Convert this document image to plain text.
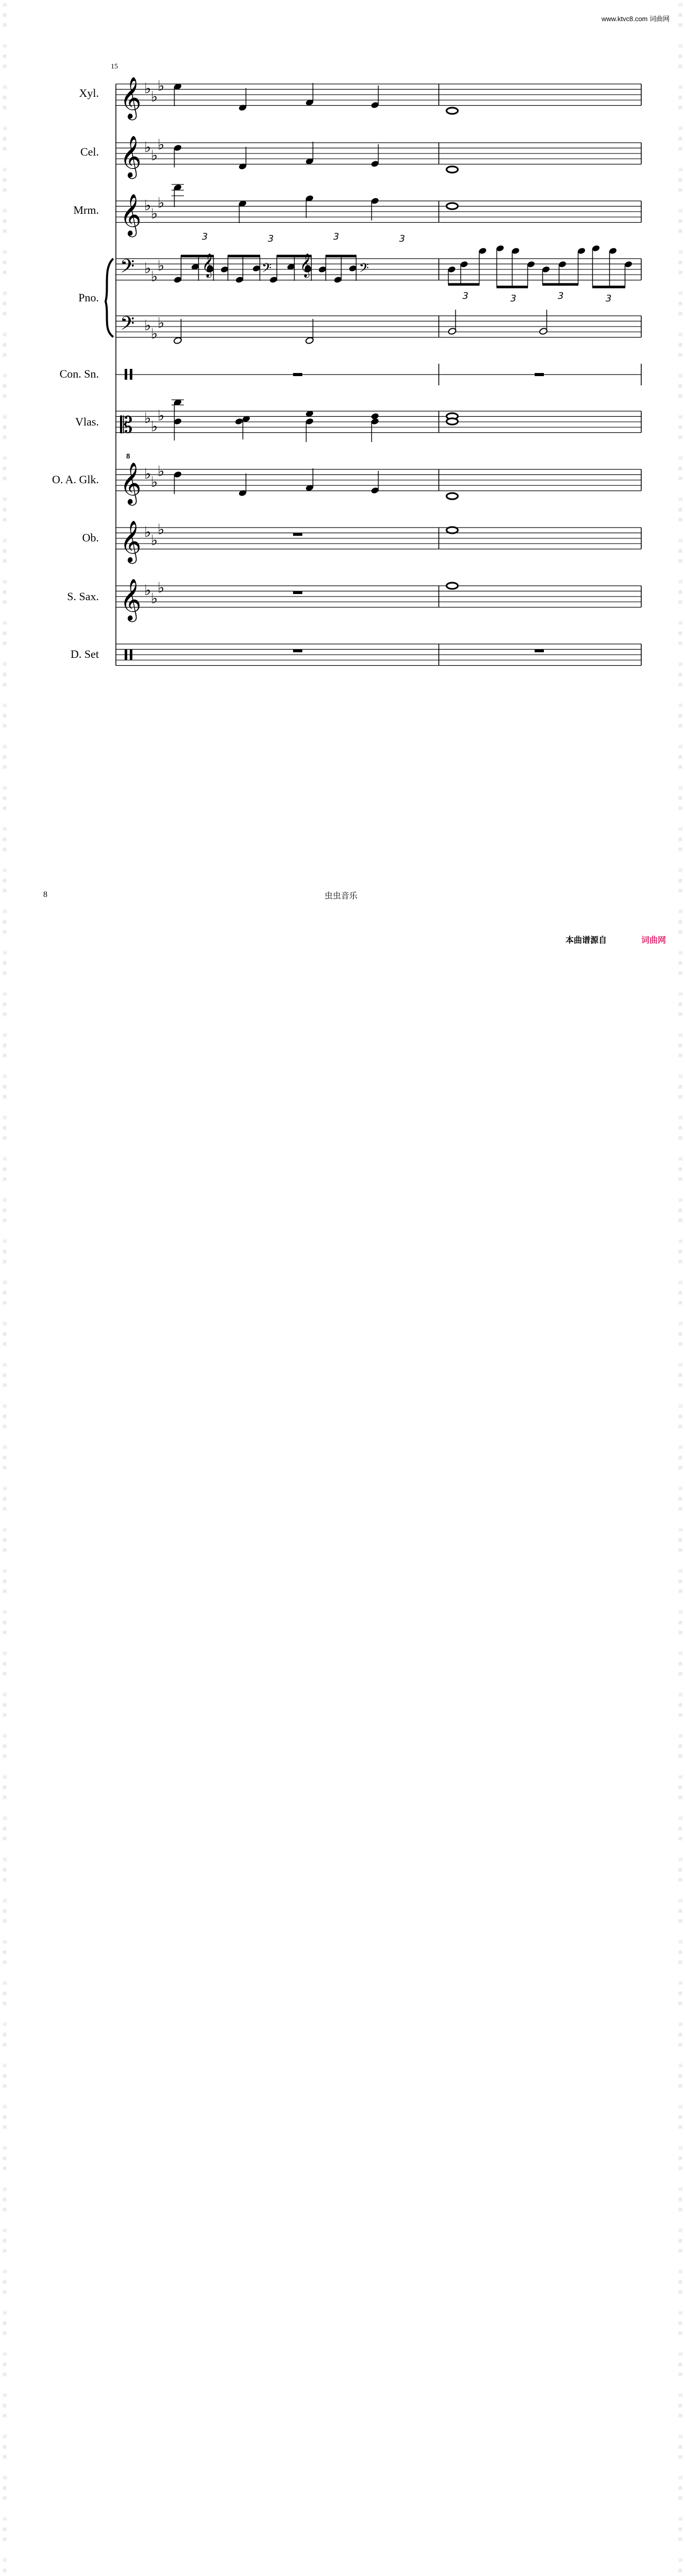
词
曲
网

词
曲
网

词
曲
网

词
曲
网

词
曲
网

词
曲
网

词
曲
网

词
曲
网

词
曲
网

词
曲
网

词
曲
网

词
曲
网

词
曲
网

词
曲
网

词
曲
网

词
曲
网

词
曲
网

词
曲
网

词
曲
网

词
曲
网

词
曲
网

词
曲
网

词
曲
网

词
曲
网

词
曲
网

词
曲
网

词
曲
网

词
曲
网

词
曲
网

词
曲
网

词
曲
网

词
曲
网

词
曲
网

词
曲
网

词
曲
网

词
曲
网

词
曲
网

词
曲
网

词
曲
网

词
曲
网

词
曲
网

词
曲
网

词
曲
网

词
曲
网

词
曲
网

词
曲
网

词
曲
网

词
曲
网

词
曲
网

词
曲
网

词
曲
网

词
曲
网

词
曲
网

词
曲
网

词
曲
网

词
曲
网

词
曲
网

词
曲
网

词
曲
网

词
曲
网

词
曲
网

词
曲
网

词
曲

词
曲
网

词
曲
网

词
曲
网

词
曲
网

词
曲
网

词
曲
网

词
曲
网

词
曲
网

词
曲
网

词
曲
网

词
曲
网

词
曲
网

词
曲
网

词
曲
网

词
曲
网

词
曲
网

词
曲
网

词
曲
网

词
曲
网

词
曲
网

词
曲
网

词
曲
网

词
曲
网

词
曲
网

词
曲
网

词
曲
网

词
曲
网

词
曲
网

词
曲
网

词
曲
网

词
曲
网

词
曲
网

词
曲
网

词
曲
网

词
曲
网

词
曲
网

词
曲
网

词
曲
网

词
曲
网

词
曲
网

词
曲
网

词
曲
网

词
曲
网

词
曲
网

词
曲
网

词
曲
网

词
曲
网

词
曲
网

词
曲
网

词
曲
网

词
曲
网

词
曲
网

词
曲
网

词
曲
网

词
曲
网

词
曲
网

词
曲
网

词
曲
网

词
曲
网

词
曲
网

词
曲
网

词
曲
网

词
曲

www.ktvc8.com 词曲网
15
Xyl.
Cel.
Mrm.
Pno.
Con. Sn.
Vlas.
O. A. Glk.
Ob.
S. Sax.
D. Set
𝄞 ♭ ♭
♭
𝄞 ♭ ♭
♭
𝄞 ♭ ♭
♭
𝄢 ♭ ♭
♭
3	3	3	3
𝄞	𝄢 𝄞	𝄢
3	3	3	3
𝄢 ♭ ♭
♭
𝄡 ♭ ♭
♭
𝄞 ♭ ♭
♭
𝄞 ♭ ♭
♭
𝄞 ♭ ♭
♭
8
8	虫虫音乐
本曲谱源自	词曲网
